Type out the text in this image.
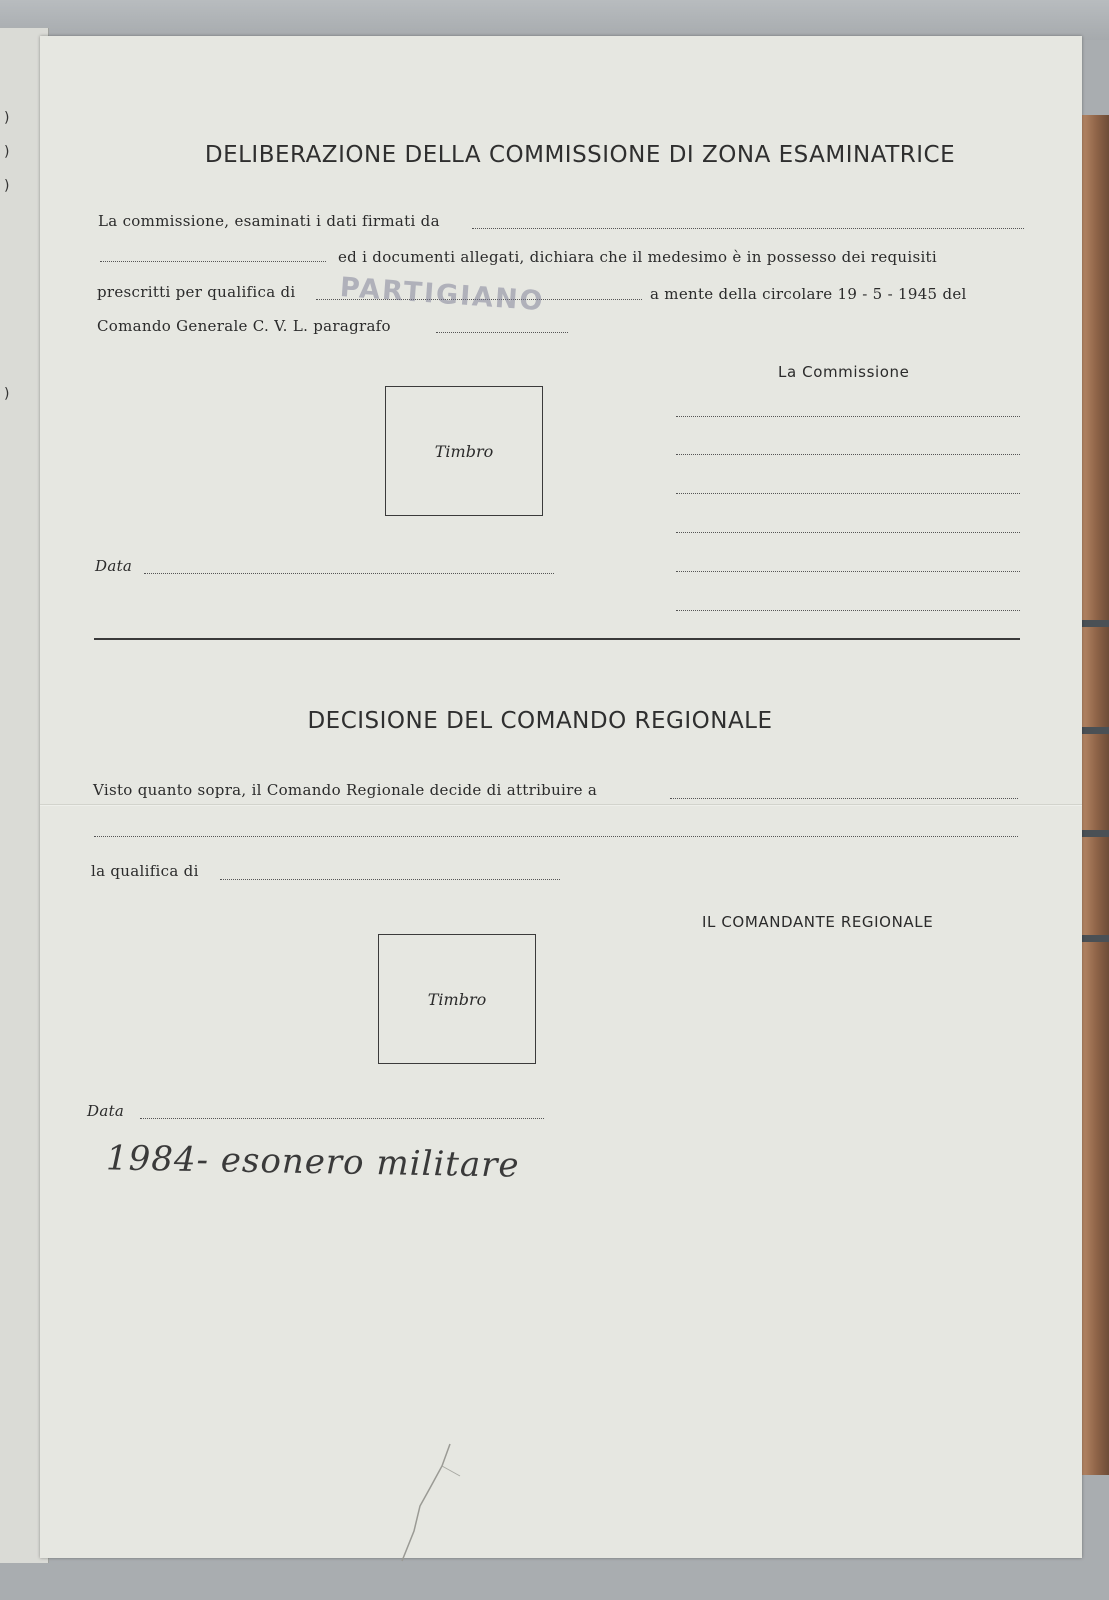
)
)
)
)
DELIBERAZIONE DELLA COMMISSIONE DI ZONA ESAMINATRICE
La commissione, esaminati i dati firmati da
ed i documenti allegati, dichiara che il medesimo è in possesso dei requisiti
prescritti per qualifica di PARTIGIANO	a mente della circolare 19 - 5 - 1945 del
Comando Generale C. V. L. paragrafo
La Commissione
Timbro
Data
DECISIONE DEL COMANDO REGIONALE
Visto quanto sopra, il Comando Regionale decide di attribuire a
la qualifica di
IL COMANDANTE REGIONALE
Timbro
Data
1984- esonero militare
